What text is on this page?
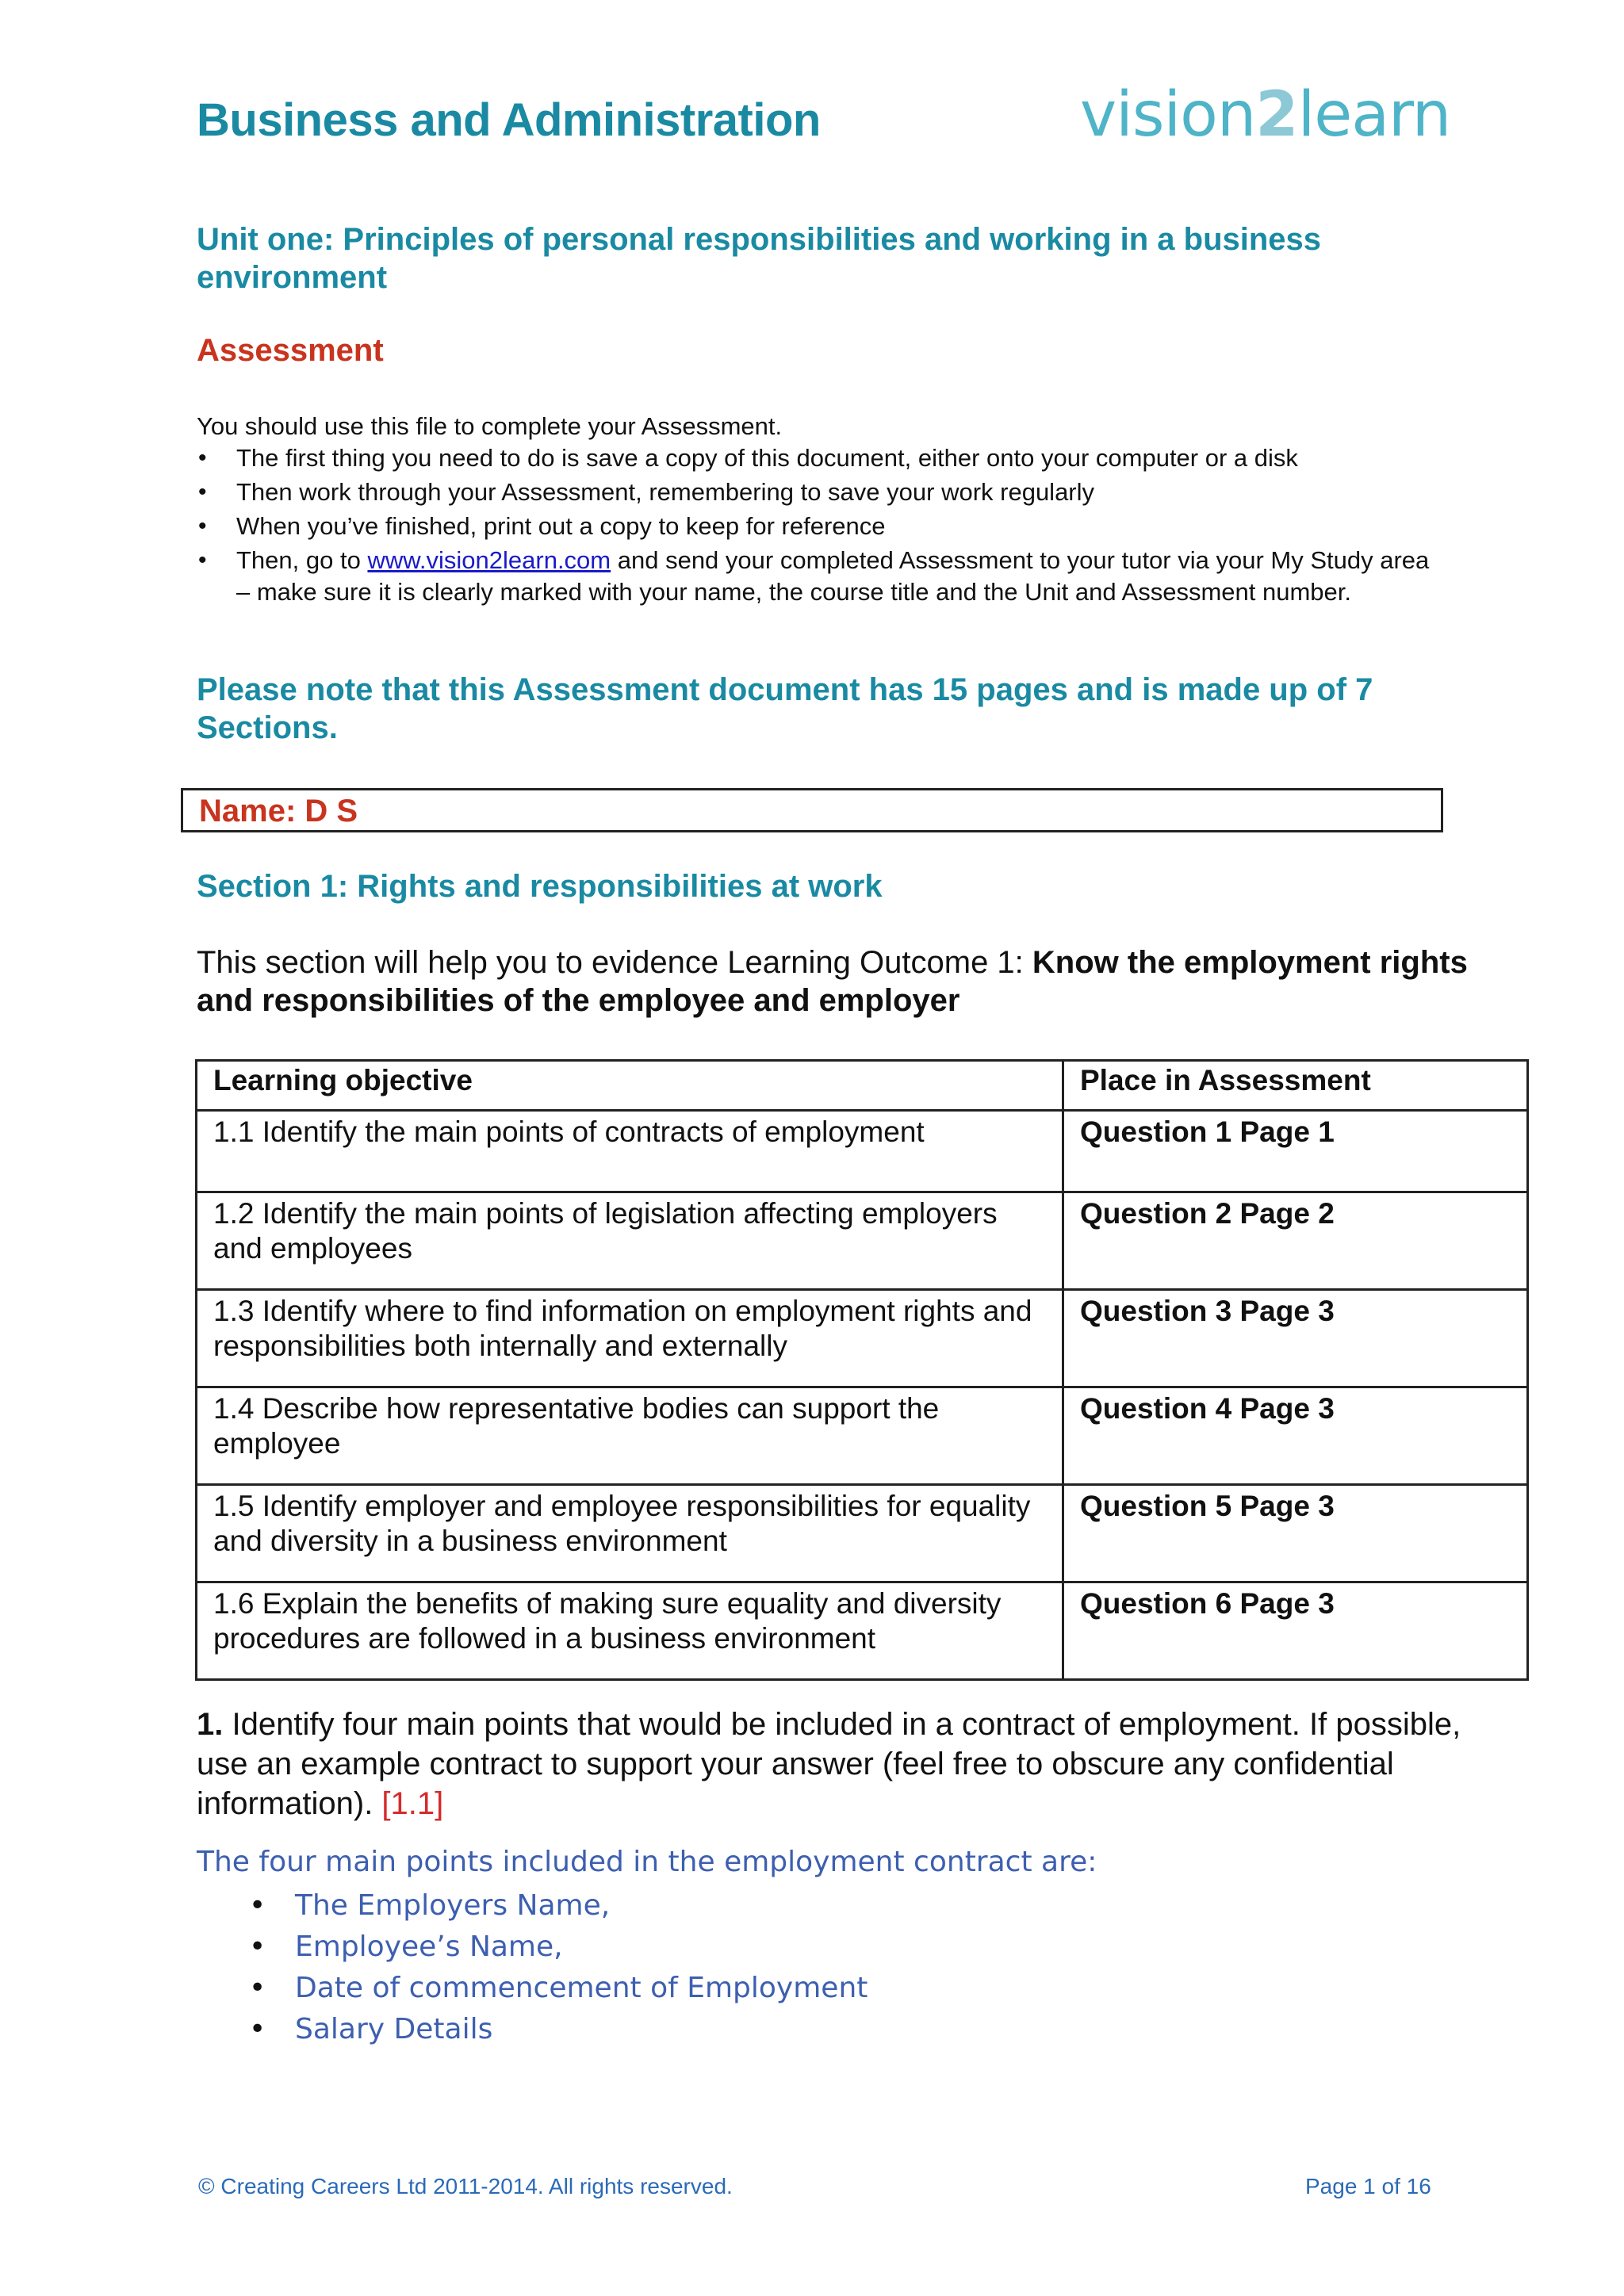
Business and Administration	vision2learn
Unit one: Principles of personal responsibilities and working in a business environment
Assessment

You should use this file to complete your Assessment.

• The first thing you need to do is save a copy of this document, either onto your computer or a disk
• Then work through your Assessment, remembering to save your work regularly
• When you’ve finished, print out a copy to keep for reference
• Then, go to www.vision2learn.com and send your completed Assessment to your tutor via your My Study area – make sure it is clearly marked with your name, the course title and the Unit and Assessment number.

Please note that this Assessment document has 15 pages and is made up of 7 Sections.

Name: D S
Section 1: Rights and responsibilities at work

This section will help you to evidence Learning Outcome 1: Know the employment rights and responsibilities of the employee and employer

Learning objective	Place in Assessment
1.1 Identify the main points of contracts of employment	Question 1 Page 1
1.2 Identify the main points of legislation affecting employers and employees	Question 2 Page 2
1.3 Identify where to find information on employment rights and responsibilities both internally and externally	Question 3 Page 3
1.4 Describe how representative bodies can support the employee	Question 4 Page 3
1.5 Identify employer and employee responsibilities for equality and diversity in a business environment	Question 5 Page 3
1.6 Explain the benefits of making sure equality and diversity procedures are followed in a business environment	Question 6 Page 3

1. Identify four main points that would be included in a contract of employment. If possible, use an example contract to support your answer (feel free to obscure any confidential information). [1.1]

The four main points included in the employment contract are:

• The Employers Name,
• Employee’s Name,
• Date of commencement of Employment
• Salary Details
© Creating Careers Ltd 2011-2014. All rights reserved.	Page 1 of 16
